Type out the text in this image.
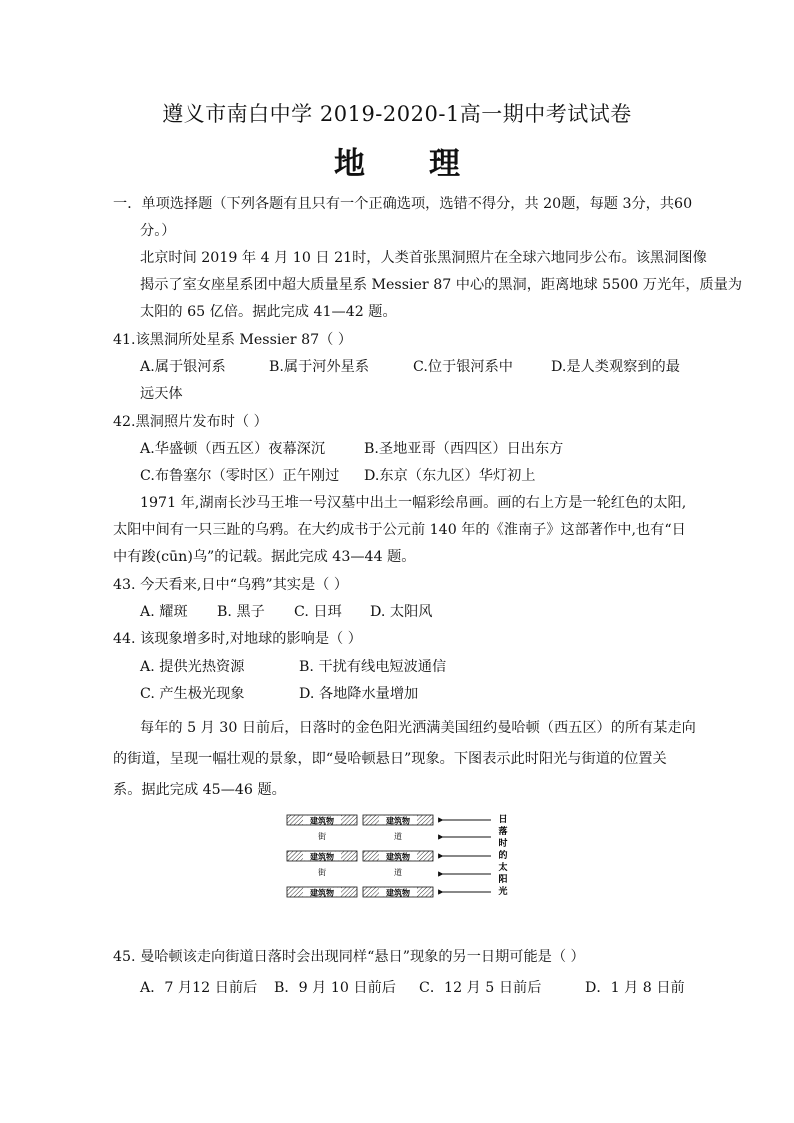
遵义市南白中学 2019-2020-1高一期中考试试卷
地 理
一．单项选择题（下列各题有且只有一个正确选项，选错不得分，共 20题，每题 3分，共60
分。）
北京时间 2019 年 4 月 10 日 21时，人类首张黑洞照片在全球六地同步公布。该黑洞图像
揭示了室女座星系团中超大质量星系 Messier 87 中心的黑洞，距离地球 5500 万光年，质量为
太阳的 65 亿倍。据此完成 41—42 题。
41.该黑洞所处星系 Messier 87（ ）
A.属于银河系	B.属于河外星系	C.位于银河系中	D.是人类观察到的最
远天体
42.黑洞照片发布时（ ）
A.华盛顿（西五区）夜幕深沉	B.圣地亚哥（西四区）日出东方
C.布鲁塞尔（零时区）正午刚过 D.东京（东九区）华灯初上
1971 年,湖南长沙马王堆一号汉墓中出土一幅彩绘帛画。画的右上方是一轮红色的太阳,
太阳中间有一只三趾的乌鸦。在大约成书于公元前 140 年的《淮南子》这部著作中,也有“日
中有踆(cūn)乌”的记载。据此完成 43—44 题。
43. 今天看来,日中“乌鸦”其实是（ ）
A. 耀斑 B. 黑子 C. 日珥 D. 太阳风
44. 该现象增多时,对地球的影响是（ ）
A. 提供光热资源	B. 干扰有线电短波通信
C. 产生极光现象	D. 各地降水量增加
每年的 5 月 30 日前后，日落时的金色阳光洒满美国纽约曼哈顿（西五区）的所有某走向
的街道，呈现一幅壮观的景象，即“曼哈顿悬日”现象。下图表示此时阳光与街道的位置关
系。据此完成 45—46 题。
建筑物	建筑物
街	道
建筑物	建筑物
街	道
建筑物	建筑物
日
落
时
的
太
阳
光
45. 曼哈顿该走向街道日落时会出现同样“悬日”现象的另一日期可能是（ ）
A．7 月12 日前后 B．9 月 10 日前后 C．12 月 5 日前后	D．1 月 8 日前
